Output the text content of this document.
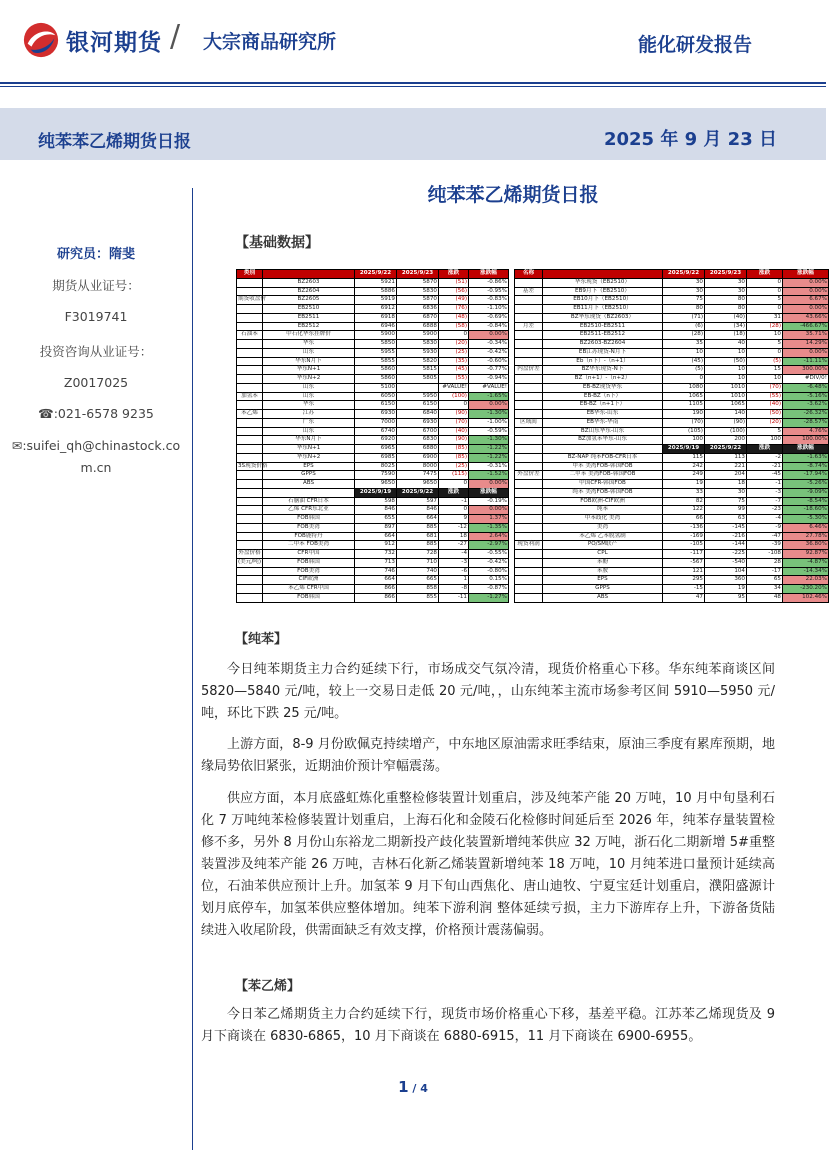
银河期货 / 大宗商品研究所	能化研发报告
纯苯苯乙烯期货日报	2025 年 9 月 23 日
研究员：隋斐
期货从业证号：
F3019741
投资咨询从业证号：
Z0017025
☎:021-6578 9235
✉:suifei_qh@chinastock.co
m.cn
纯苯苯乙烯期货日报
【基础数据】
类别		2025/9/22	2025/9/23	涨跌	涨跌幅
	BZ2603	5921	5870	(51)	-0.86%
	BZ2604	5886	5830	(56)	-0.95%
期货收盘价	BZ2605	5919	5870	(49)	-0.83%
	EB2510	6912	6836	(76)	-1.10%
	EB2511	6918	6870	(48)	-0.69%
	EB2512	6946	6888	(58)	-0.84%
石油苯	中石化华东挂牌价	5900	5900	0	0.00%
	华东	5850	5830	(20)	-0.34%
	山东	5955	5930	(25)	-0.42%
	华东N月下	5855	5820	(35)	-0.60%
	华东N+1	5860	5815	(45)	-0.77%
	华东N+2	5860	5805	(55)	-0.94%
	山东	5100		#VALUE!	#VALUE!
加氢苯	山东	6050	5950	(100)	-1.65%
	华东	6150	6150	0	0.00%
苯乙烯	江苏	6930	6840	(90)	-1.30%
	广东	7000	6930	(70)	-1.00%
	山东	6740	6700	(40)	-0.59%
	华东N月下	6920	6830	(90)	-1.30%
	华东N+1	6965	6880	(85)	-1.22%
	华东N+2	6985	6900	(85)	-1.22%
3S现货价格	EPS	8025	8000	(25)	-0.31%
	GPPS	7590	7475	(115)	-1.52%
	ABS	9650	9650	0	0.00%
		2025/9/19	2025/9/22	涨跌	涨跌幅
	石脑油 CFR日本	598	597	-1	-0.19%
	乙烯 CFR东北亚	846	846	0	0.00%
	FOB韩国	655	664	9	1.37%
	FOB美湾	897	885	-12	-1.35%
	FOB鹿特丹	664	681	18	2.64%
	二甲苯 FOB美湾	912	885	-27	-2.97%
外盘价格	CFR中国	732	728	-4	-0.55%
(美元/吨)	FOB韩国	713	710	-3	-0.42%
	FOB美湾	746	740	-6	-0.80%
	CIF欧洲	664	665	1	0.15%
	苯乙烯 CFR中国	866	858	-8	-0.87%
	FOB韩国	866	855	-11	-1.27%
名称		2025/9/22	2025/9/23	涨跌	涨跌幅
	华东现货（EB2510）	30	30	0	0.00%
基差	EB9月下（EB2510）	30	30	0	0.00%
	EB10月下（EB2510）	75	80	5	6.67%
	EB11月下（EB2510）	80	80	0	0.00%
	BZ华东现货（BZ2603）	(71)	(40)	31	43.66%
月差	EB2510-EB2511	(6)	(34)	(28)	-466.67%
	EB2511-EB2512	(28)	(18)	10	35.71%
	BZ2603-BZ2604	35	40	5	14.29%
	EB江苏现货-N月下	10	10	0	0.00%
	Eb（n下）-（n+1）	(45)	(50)	(5)	-11.11%
内盘价差	BZ华东现货-N下	(5)	10	15	300.00%
	BZ（n+1）-（n+2）	0	10	10	#DIV/0!
	EB-BZ现货华东	1080	1010	(70)	-6.48%
	EB-BZ（n下）	1065	1010	(55)	-5.16%
	EB-BZ（n+1下）	1105	1065	(40)	-3.62%
	EB华东-山东	190	140	(50)	-26.32%
区域间	EB华东-华南	(70)	(90)	(20)	-28.57%
	BZ山东华东-山东	(105)	(100)	5	4.76%
	BZ加氢苯华东-山东	100	200	100	100.00%
		2025/9/19	2025/9/22	涨跌	涨跌幅
	BZ-NAP 纯苯FOB-CFR日本	115	113	-2	-1.63%
	甲苯 美湾FOB-韩国FOB	242	221	-21	-8.74%
外盘价差	二甲苯 美湾FOB-韩国FOB	249	204	-45	-17.94%
	中国CFR-韩国FOB	19	18	-1	-5.26%
	纯苯 美湾FOB-韩国FOB	33	30	-3	-9.09%
	FOB欧洲-CIF欧洲	82	75	-7	-8.54%
	纯苯	122	99	-23	-18.60%
	甲苯歧化 美湾	66	63	-4	-5.30%
	美湾	-136	-145	-9	6.46%
	苯乙烯 乙苯脱氢制	-169	-216	-47	27.78%
现货利润	PO/SM联产	-105	-144	-39	36.80%
	CPL	-117	-225	-108	92.87%
	苯酚	-567	-540	28	-4.87%
	苯胺	121	104	-17	-14.34%
	EPS	295	360	65	22.03%
	GPPS	-15	19	34	-230.20%
	ABS	47	95	48	102.46%
【纯苯】

今日纯苯期货主力合约延续下行，市场成交气氛冷清，现货价格重心下移。华东纯苯商谈区间 5820—5840 元/吨，较上一交易日走低 20 元/吨，，山东纯苯主流市场参考区间 5910—5950 元/吨，环比下跌 25 元/吨。

上游方面，8-9 月份欧佩克持续增产，中东地区原油需求旺季结束，原油三季度有累库预期，地缘局势依旧紧张，近期油价预计窄幅震荡。

供应方面，本月底盛虹炼化重整检修装置计划重启，涉及纯苯产能 20 万吨，10 月中旬垦利石化 7 万吨纯苯检修装置计划重启，上海石化和金陵石化检修时间延后至 2026 年，纯苯存量装置检修不多，另外 8 月份山东裕龙二期新投产歧化装置新增纯苯供应 32 万吨，浙石化二期新增 5#重整装置涉及纯苯产能 26 万吨，吉林石化新乙烯装置新增纯苯 18 万吨，10 月纯苯进口量预计延续高位，石油苯供应预计上升。加氢苯 9 月下旬山西焦化、唐山迪牧、宁夏宝廷计划重启，濮阳盛源计划月底停车，加氢苯供应整体增加。纯苯下游利润 整体延续亏损，主力下游库存上升，下游备货陆续进入收尾阶段，供需面缺乏有效支撑，价格预计震荡偏弱。

【苯乙烯】

今日苯乙烯期货主力合约延续下行，现货市场价格重心下移，基差平稳。江苏苯乙烯现货及 9 月下商谈在 6830-6865，10 月下商谈在 6880-6915，11 月下商谈在 6900-6955。

1 / 4
